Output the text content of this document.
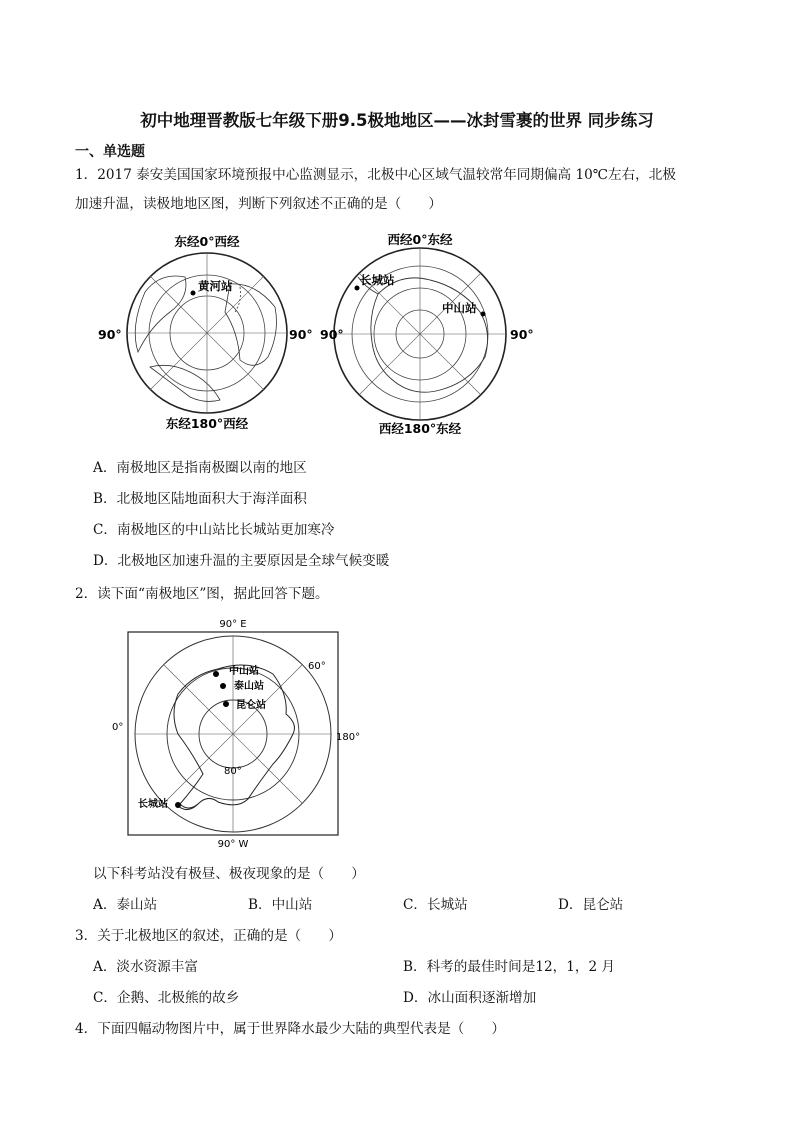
初中地理晋教版七年级下册9.5极地地区——冰封雪裹的世界 同步练习
一、单选题
1．2017 泰安美国国家环境预报中心监测显示，北极中心区域气温较常年同期偏高 10℃左右，北极
加速升温，读极地地区图，判断下列叙述不正确的是（　　）
东经0°西经
东经180°西经
90°	90°
黄河站
西经0°东经
西经180°东经
90°	90°
长城站
中山站
A．南极地区是指南极圈以南的地区
B．北极地区陆地面积大于海洋面积
C．南极地区的中山站比长城站更加寒冷
D．北极地区加速升温的主要原因是全球气候变暖
2．读下面“南极地区”图，据此回答下题。
90° E
90° W
0°
180°
60°
80°
中山站
泰山站
昆仑站
长城站
以下科考站没有极昼、极夜现象的是（　　）
A．泰山站	B．中山站	C．长城站	D．昆仑站
3．关于北极地区的叙述，正确的是（　　）
A．淡水资源丰富	B．科考的最佳时间是12，1，2 月
C．企鹅、北极熊的故乡	D．冰山面积逐渐增加
4．下面四幅动物图片中，属于世界降水最少大陆的典型代表是（　　）
